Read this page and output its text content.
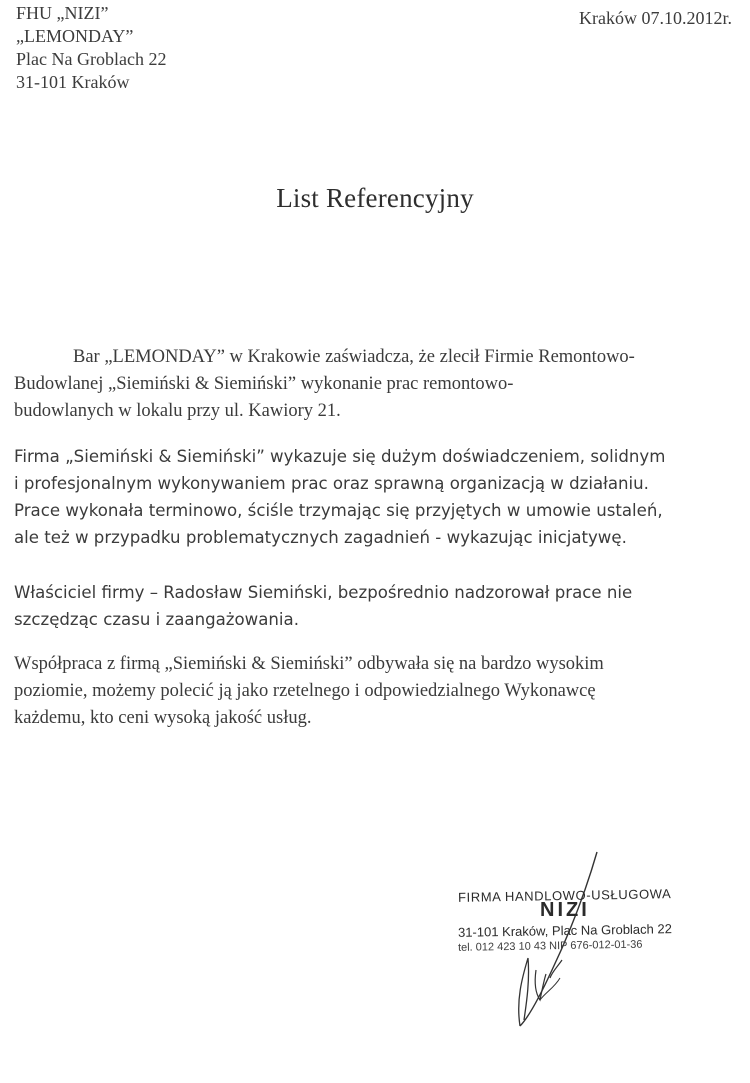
FHU „NIZI”
„LEMONDAY”
Plac Na Groblach 22
31-101 Kraków
Kraków 07.10.2012r.
List Referencyjny
Bar „LEMONDAY” w Krakowie zaświadcza, że zlecił Firmie Remontowo-
Budowlanej „Siemiński & Siemiński” wykonanie prac remontowo-
budowlanych w lokalu przy ul. Kawiory 21.
Firma „Siemiński & Siemiński” wykazuje się dużym doświadczeniem, solidnym
i profesjonalnym wykonywaniem prac oraz sprawną organizacją w działaniu.
Prace wykonała terminowo, ściśle trzymając się przyjętych w umowie ustaleń,
ale też w przypadku problematycznych zagadnień - wykazując inicjatywę.
Właściciel firmy – Radosław Siemiński, bezpośrednio nadzorował prace nie
szczędząc czasu i zaangażowania.
Współpraca z firmą „Siemiński & Siemiński” odbywała się na bardzo wysokim
poziomie, możemy polecić ją jako rzetelnego i odpowiedzialnego Wykonawcę
każdemu, kto ceni wysoką jakość usług.
FIRMA HANDLOWO-USŁUGOWA
NIZI
31-101 Kraków, Plac Na Groblach 22
tel. 012 423 10 43 NIP 676-012-01-36
